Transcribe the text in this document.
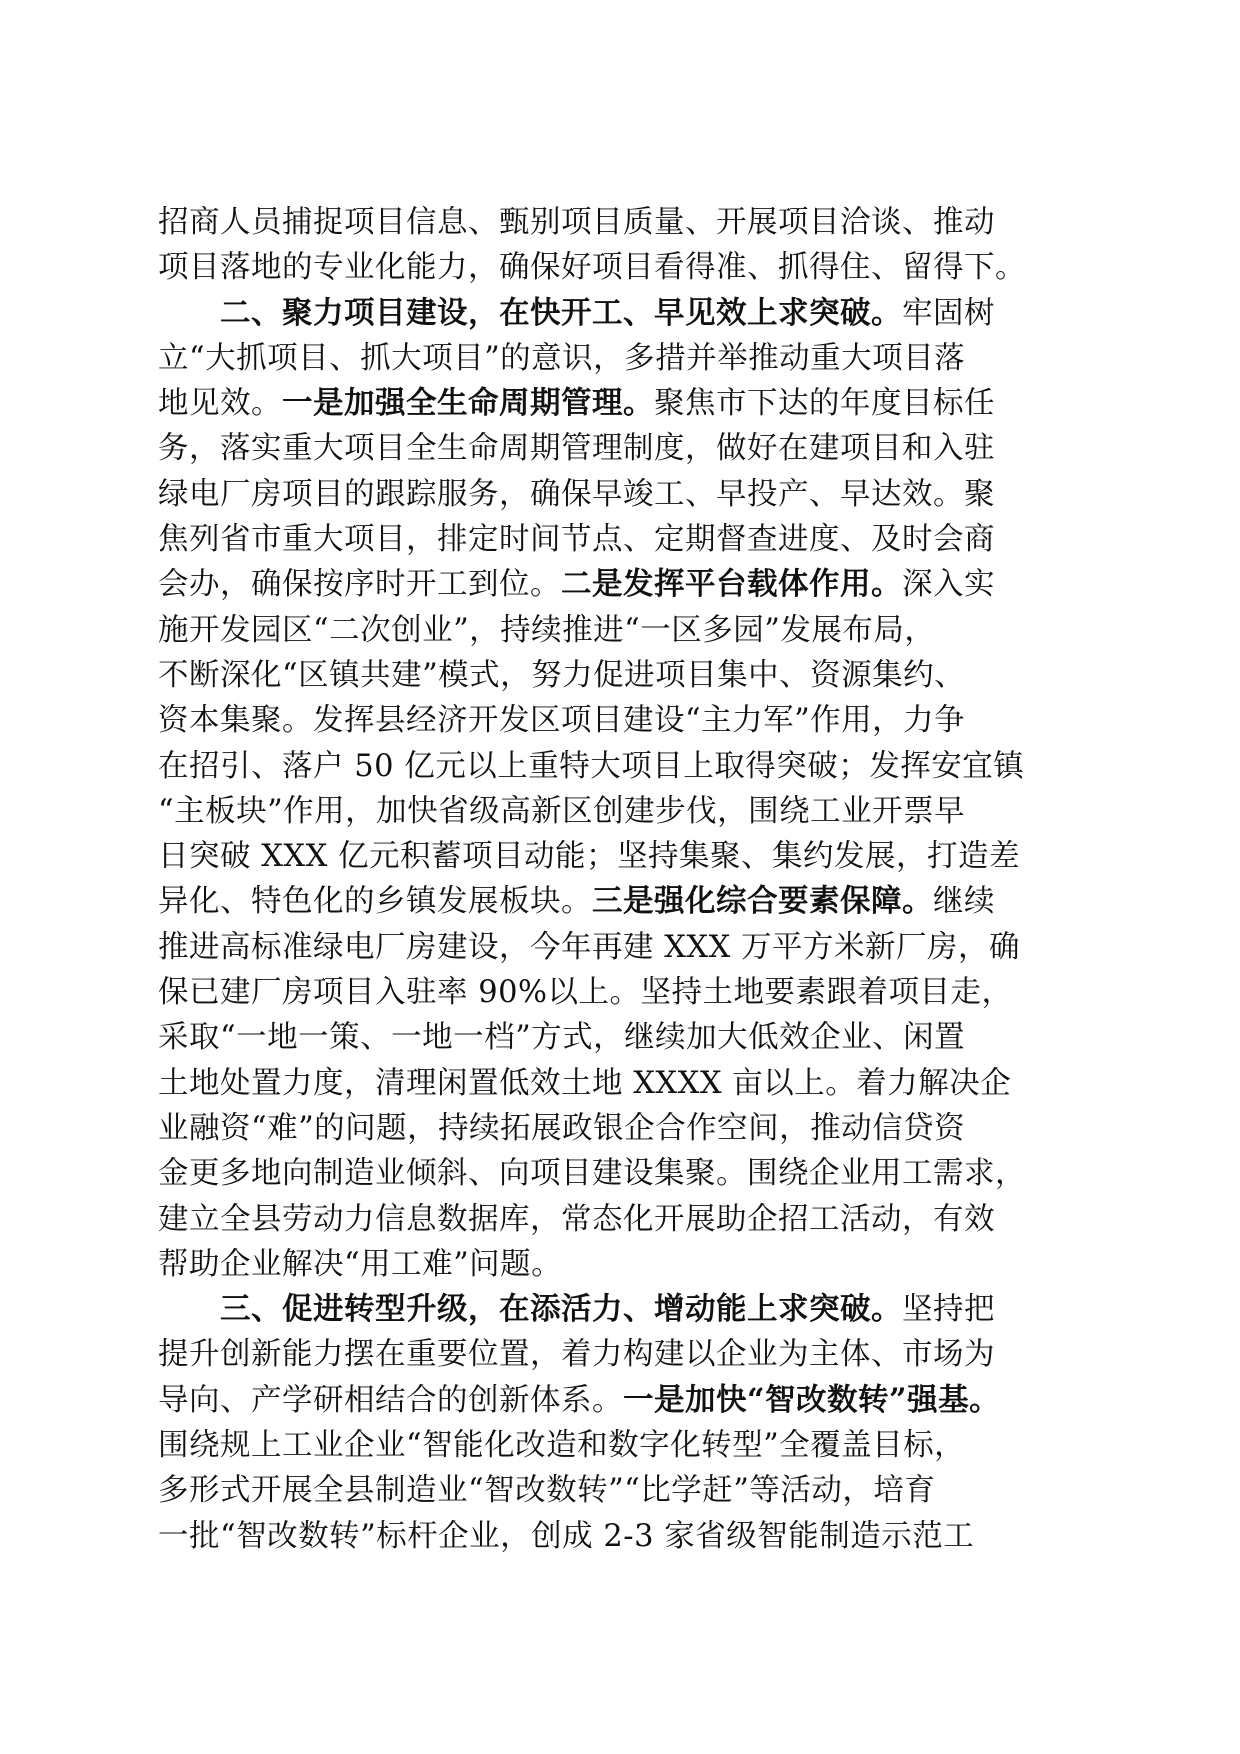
招商人员捕捉项目信息、甄别项目质量、开展项目洽谈、推动
项目落地的专业化能力，确保好项目看得准、抓得住、留得下。
二、聚力项目建设，在快开工、早见效上求突破。牢固树
立“大抓项目、抓大项目”的意识，多措并举推动重大项目落
地见效。一是加强全生命周期管理。聚焦市下达的年度目标任
务，落实重大项目全生命周期管理制度，做好在建项目和入驻
绿电厂房项目的跟踪服务，确保早竣工、早投产、早达效。聚
焦列省市重大项目，排定时间节点、定期督查进度、及时会商
会办，确保按序时开工到位。二是发挥平台载体作用。深入实
施开发园区“二次创业”，持续推进“一区多园”发展布局，
不断深化“区镇共建”模式，努力促进项目集中、资源集约、
资本集聚。发挥县经济开发区项目建设“主力军”作用，力争
在招引、落户 50 亿元以上重特大项目上取得突破；发挥安宜镇
“主板块”作用，加快省级高新区创建步伐，围绕工业开票早
日突破 XXX 亿元积蓄项目动能；坚持集聚、集约发展，打造差
异化、特色化的乡镇发展板块。三是强化综合要素保障。继续
推进高标准绿电厂房建设，今年再建 XXX 万平方米新厂房，确
保已建厂房项目入驻率 90%以上。坚持土地要素跟着项目走，
采取“一地一策、一地一档”方式，继续加大低效企业、闲置
土地处置力度，清理闲置低效土地 XXXX 亩以上。着力解决企
业融资“难”的问题，持续拓展政银企合作空间，推动信贷资
金更多地向制造业倾斜、向项目建设集聚。围绕企业用工需求，
建立全县劳动力信息数据库，常态化开展助企招工活动，有效
帮助企业解决“用工难”问题。
三、促进转型升级，在添活力、增动能上求突破。坚持把
提升创新能力摆在重要位置，着力构建以企业为主体、市场为
导向、产学研相结合的创新体系。一是加快“智改数转”强基。
围绕规上工业企业“智能化改造和数字化转型”全覆盖目标，
多形式开展全县制造业“智改数转”“比学赶”等活动，培育
一批“智改数转”标杆企业，创成 2-3 家省级智能制造示范工
